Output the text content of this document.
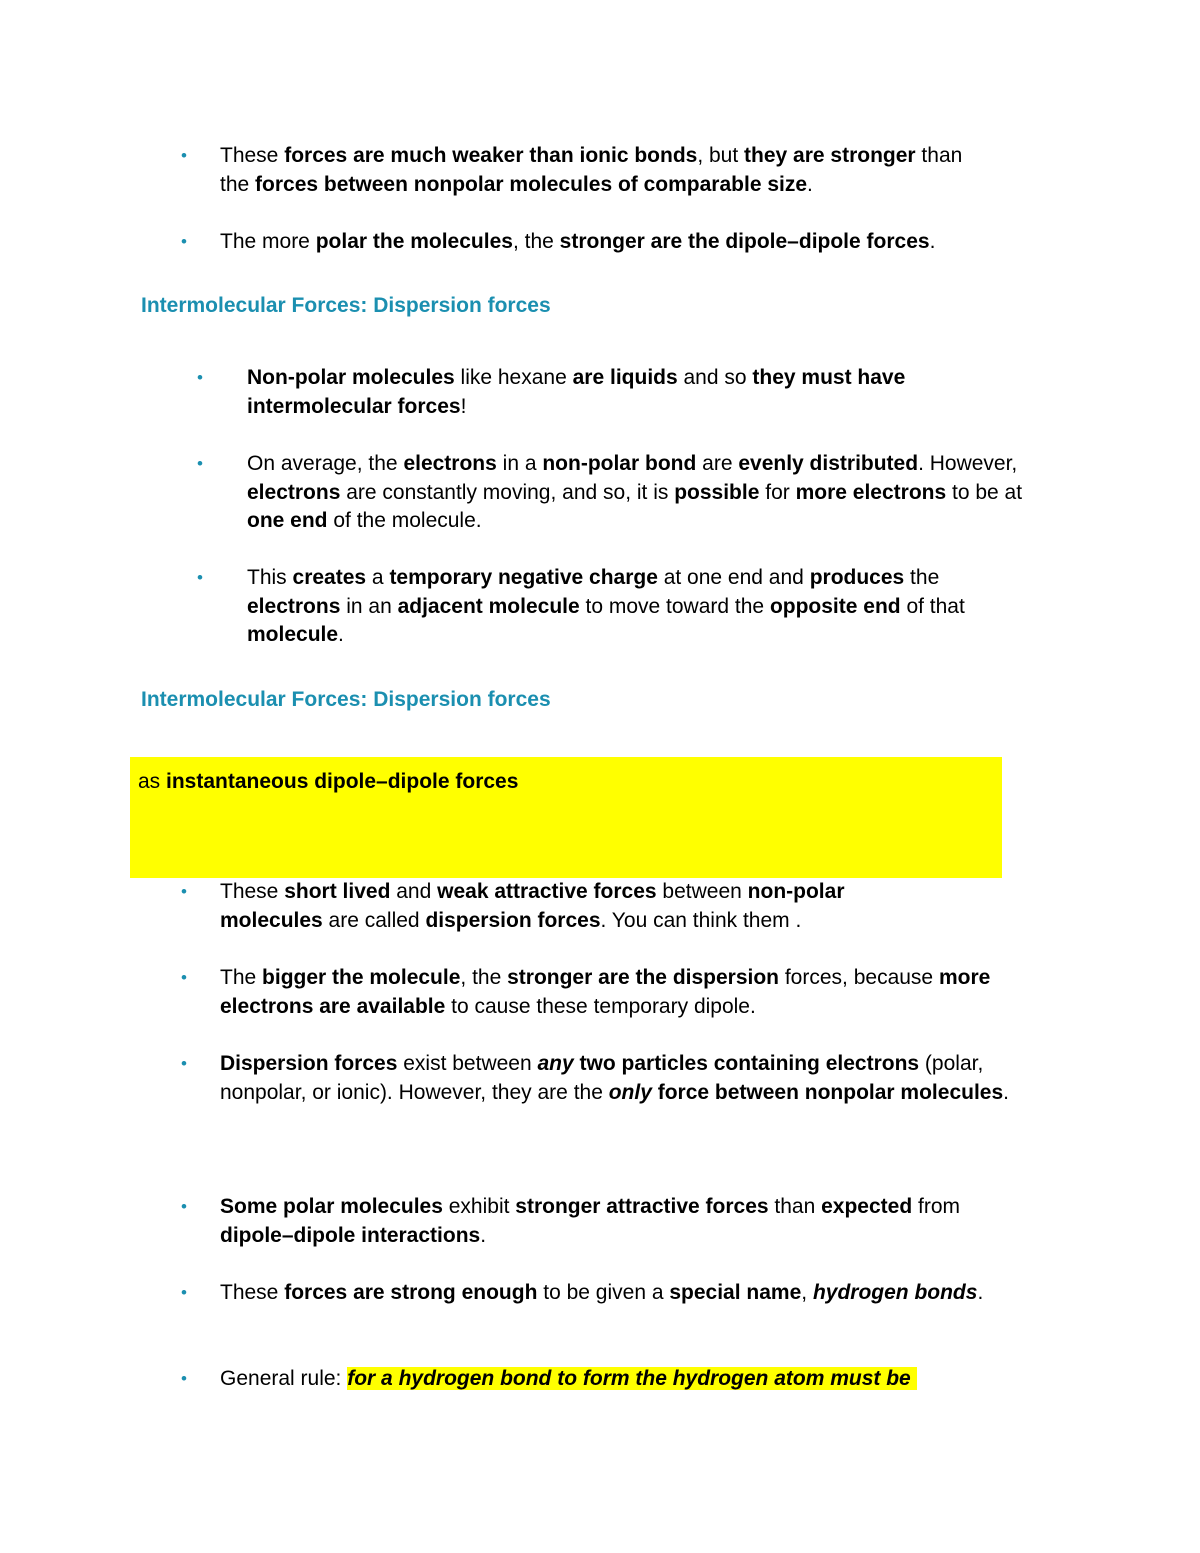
• These forces are much weaker than ionic bonds, but they are stronger than the forces between nonpolar molecules of comparable size.
• The more polar the molecules, the stronger are the dipole–dipole forces.
Intermolecular Forces: Dispersion forces
• Non-polar molecules like hexane are liquids and so they must have intermolecular forces!
• On average, the electrons in a non-polar bond are evenly distributed. However, electrons are constantly moving, and so, it is possible for more electrons to be at one end of the molecule.
• This creates a temporary negative charge at one end and produces the electrons in an adjacent molecule to move toward the opposite end of that molecule.
Intermolecular Forces: Dispersion forces
as instantaneous dipole–dipole forces
• These short lived and weak attractive forces between non-polar molecules are called dispersion forces. You can think them .
• The bigger the molecule, the stronger are the dispersion forces, because more electrons are available to cause these temporary dipole.
• Dispersion forces exist between any two particles containing electrons (polar, nonpolar, or ionic). However, they are the only force between nonpolar molecules.
• Some polar molecules exhibit stronger attractive forces than expected from dipole–dipole interactions.
• These forces are strong enough to be given a special name, hydrogen bonds.
• General rule: for a hydrogen bond to form the hydrogen atom must be
